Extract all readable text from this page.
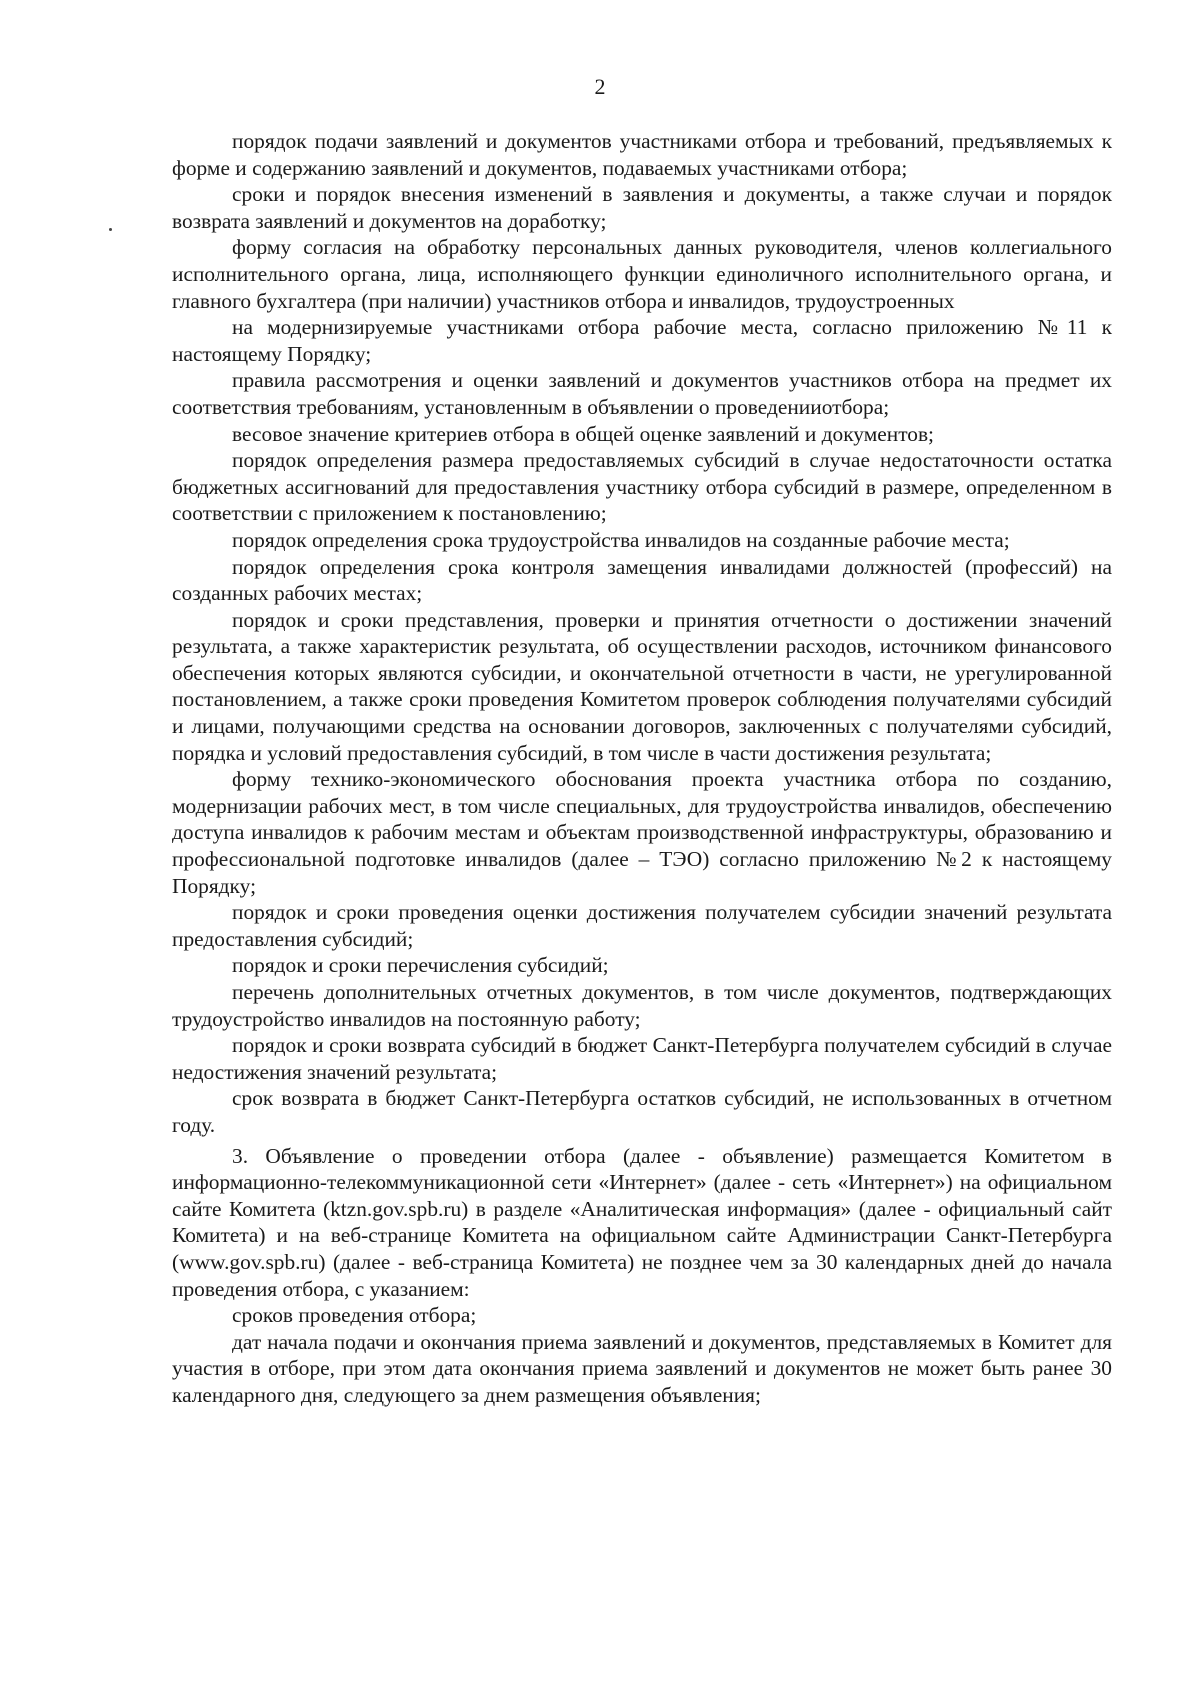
2

порядок подачи заявлений и документов участниками отбора и требований, предъявляемых к форме и содержанию заявлений и документов, подаваемых участниками отбора;

сроки и порядок внесения изменений в заявления и документы, а также случаи и порядок возврата заявлений и документов на доработку;

форму согласия на обработку персональных данных руководителя, членов коллегиального исполнительного органа, лица, исполняющего функции единоличного исполнительного органа, и главного бухгалтера (при наличии) участников отбора и инвалидов, трудоустроенных

на модернизируемые участниками отбора рабочие места, согласно приложению №11 к настоящему Порядку;

правила рассмотрения и оценки заявлений и документов участников отбора на предмет их соответствия требованиям, установленным в объявлении о проведенииотбора;

весовое значение критериев отбора в общей оценке заявлений и документов;

порядок определения размера предоставляемых субсидий в случае недостаточности остатка бюджетных ассигнований для предоставления участнику отбора субсидий в размере, определенном в соответствии с приложением к постановлению;

порядок определения срока трудоустройства инвалидов на созданные рабочие места;

порядок определения срока контроля замещения инвалидами должностей (профессий) на созданных рабочих местах;

порядок и сроки представления, проверки и принятия отчетности о достижении значений результата, а также характеристик результата, об осуществлении расходов, источником финансового обеспечения которых являются субсидии, и окончательной отчетности в части, не урегулированной постановлением, а также сроки проведения Комитетом проверок соблюдения получателями субсидий и лицами, получающими средства на основании договоров, заключенных с получателями субсидий, порядка и условий предоставления субсидий, в том числе в части достижения результата;

форму технико-экономического обоснования проекта участника отбора по созданию, модернизации рабочих мест, в том числе специальных, для трудоустройства инвалидов, обеспечению доступа инвалидов к рабочим местам и объектам производственной инфраструктуры, образованию и профессиональной подготовке инвалидов (далее – ТЭО) согласно приложению №2 к настоящему Порядку;

порядок и сроки проведения оценки достижения получателем субсидии значений результата предоставления субсидий;

порядок и сроки перечисления субсидий;

перечень дополнительных отчетных документов, в том числе документов, подтверждающих трудоустройство инвалидов на постоянную работу;

порядок и сроки возврата субсидий в бюджет Санкт-Петербурга получателем субсидий в случае недостижения значений результата;

срок возврата в бюджет Санкт-Петербурга остатков субсидий, не использованных в отчетном году.

3. Объявление о проведении отбора (далее - объявление) размещается Комитетом в информационно-телекоммуникационной сети «Интернет» (далее - сеть «Интернет») на официальном сайте Комитета (ktzn.gov.spb.ru) в разделе «Аналитическая информация» (далее - официальный сайт Комитета) и на веб-странице Комитета на официальном сайте Администрации Санкт-Петербурга (www.gov.spb.ru) (далее - веб-страница Комитета) не позднее чем за 30 календарных дней до начала проведения отбора, с указанием:

сроков проведения отбора;

дат начала подачи и окончания приема заявлений и документов, представляемых в Комитет для участия в отборе, при этом дата окончания приема заявлений и документов не может быть ранее 30 календарного дня, следующего за днем размещения объявления;
